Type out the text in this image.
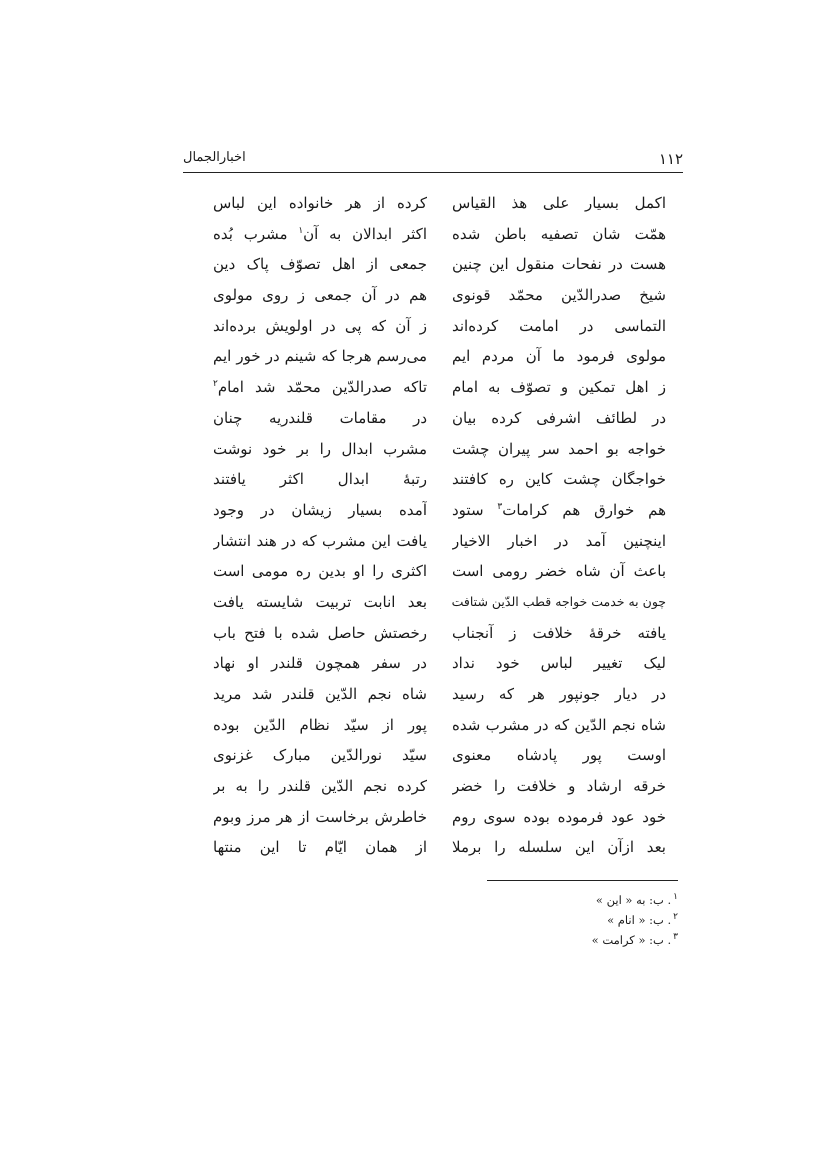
١١٢
اخبارالجمال
اکمل بسیار علی هذ القیاس
همّت شان تصفیه باطن شده
هست در نفحات منقول این چنین
شیخ صدرالدّین محمّد قونوی
التماسی در امامت کرده‌اند
مولوی فرمود ما آن مردم ایم
ز اهل تمکین و تصوّف به امام
در لطائف اشرفی کرده بیان
خواجه بو احمد سر پیران چشت
خواجگان چشت کاین ره کافتند
هم خوارق هم کرامات$^٣$ ستود
اینچنین آمد در اخبار الاخیار
باعث آن شاه خضر رومی است
چون به خدمت خواجه قطب الدّین شتافت
یافته خرقۀ خلافت ز آنجناب
لیک تغییر لباس خود نداد
در دیار جونپور هر که رسید
شاه نجم الدّین که در مشرب شده
اوست پور پادشاه معنوی
خرقه ارشاد و خلافت را خضر
خود عود فرموده بوده سوی روم
بعد ازآن این سلسله را برملا
کرده از هر خانواده این لباس
اکثر ابدالان به آن$^١$ مشرب بُده
جمعی از اهل تصوّف پاک دین
هم در آن جمعی ز روی مولوی
ز آن که پی در اولویش برده‌اند
می‌رسم هرجا که شینم در خور ایم
تاکه صدرالدّین محمّد شد امام$^٢$
در مقامات قلندریه چنان
مشرب ابدال را بر خود نوشت
رتبۀ ابدال اکثر یافتند
آمده بسیار زیشان در وجود
یافت این مشرب که در هند انتشار
اکثری را او بدین ره مومی است
بعد انابت تربیت شایسته یافت
رخصتش حاصل شده با فتح باب
در سفر همچون قلندر او نهاد
شاه نجم الدّین قلندر شد مرید
پور از سیّد نظام الدّین بوده
سیّد نورالدّین مبارک غزنوی
کرده نجم الدّین قلندر را به بر
خاطرش برخاست از هر مرز وبوم
از همان ایّام تا این منتها
$^١$. ب: به « این »
$^٢$. ب: « انام »
$^٣$. ب: « کرامت »
